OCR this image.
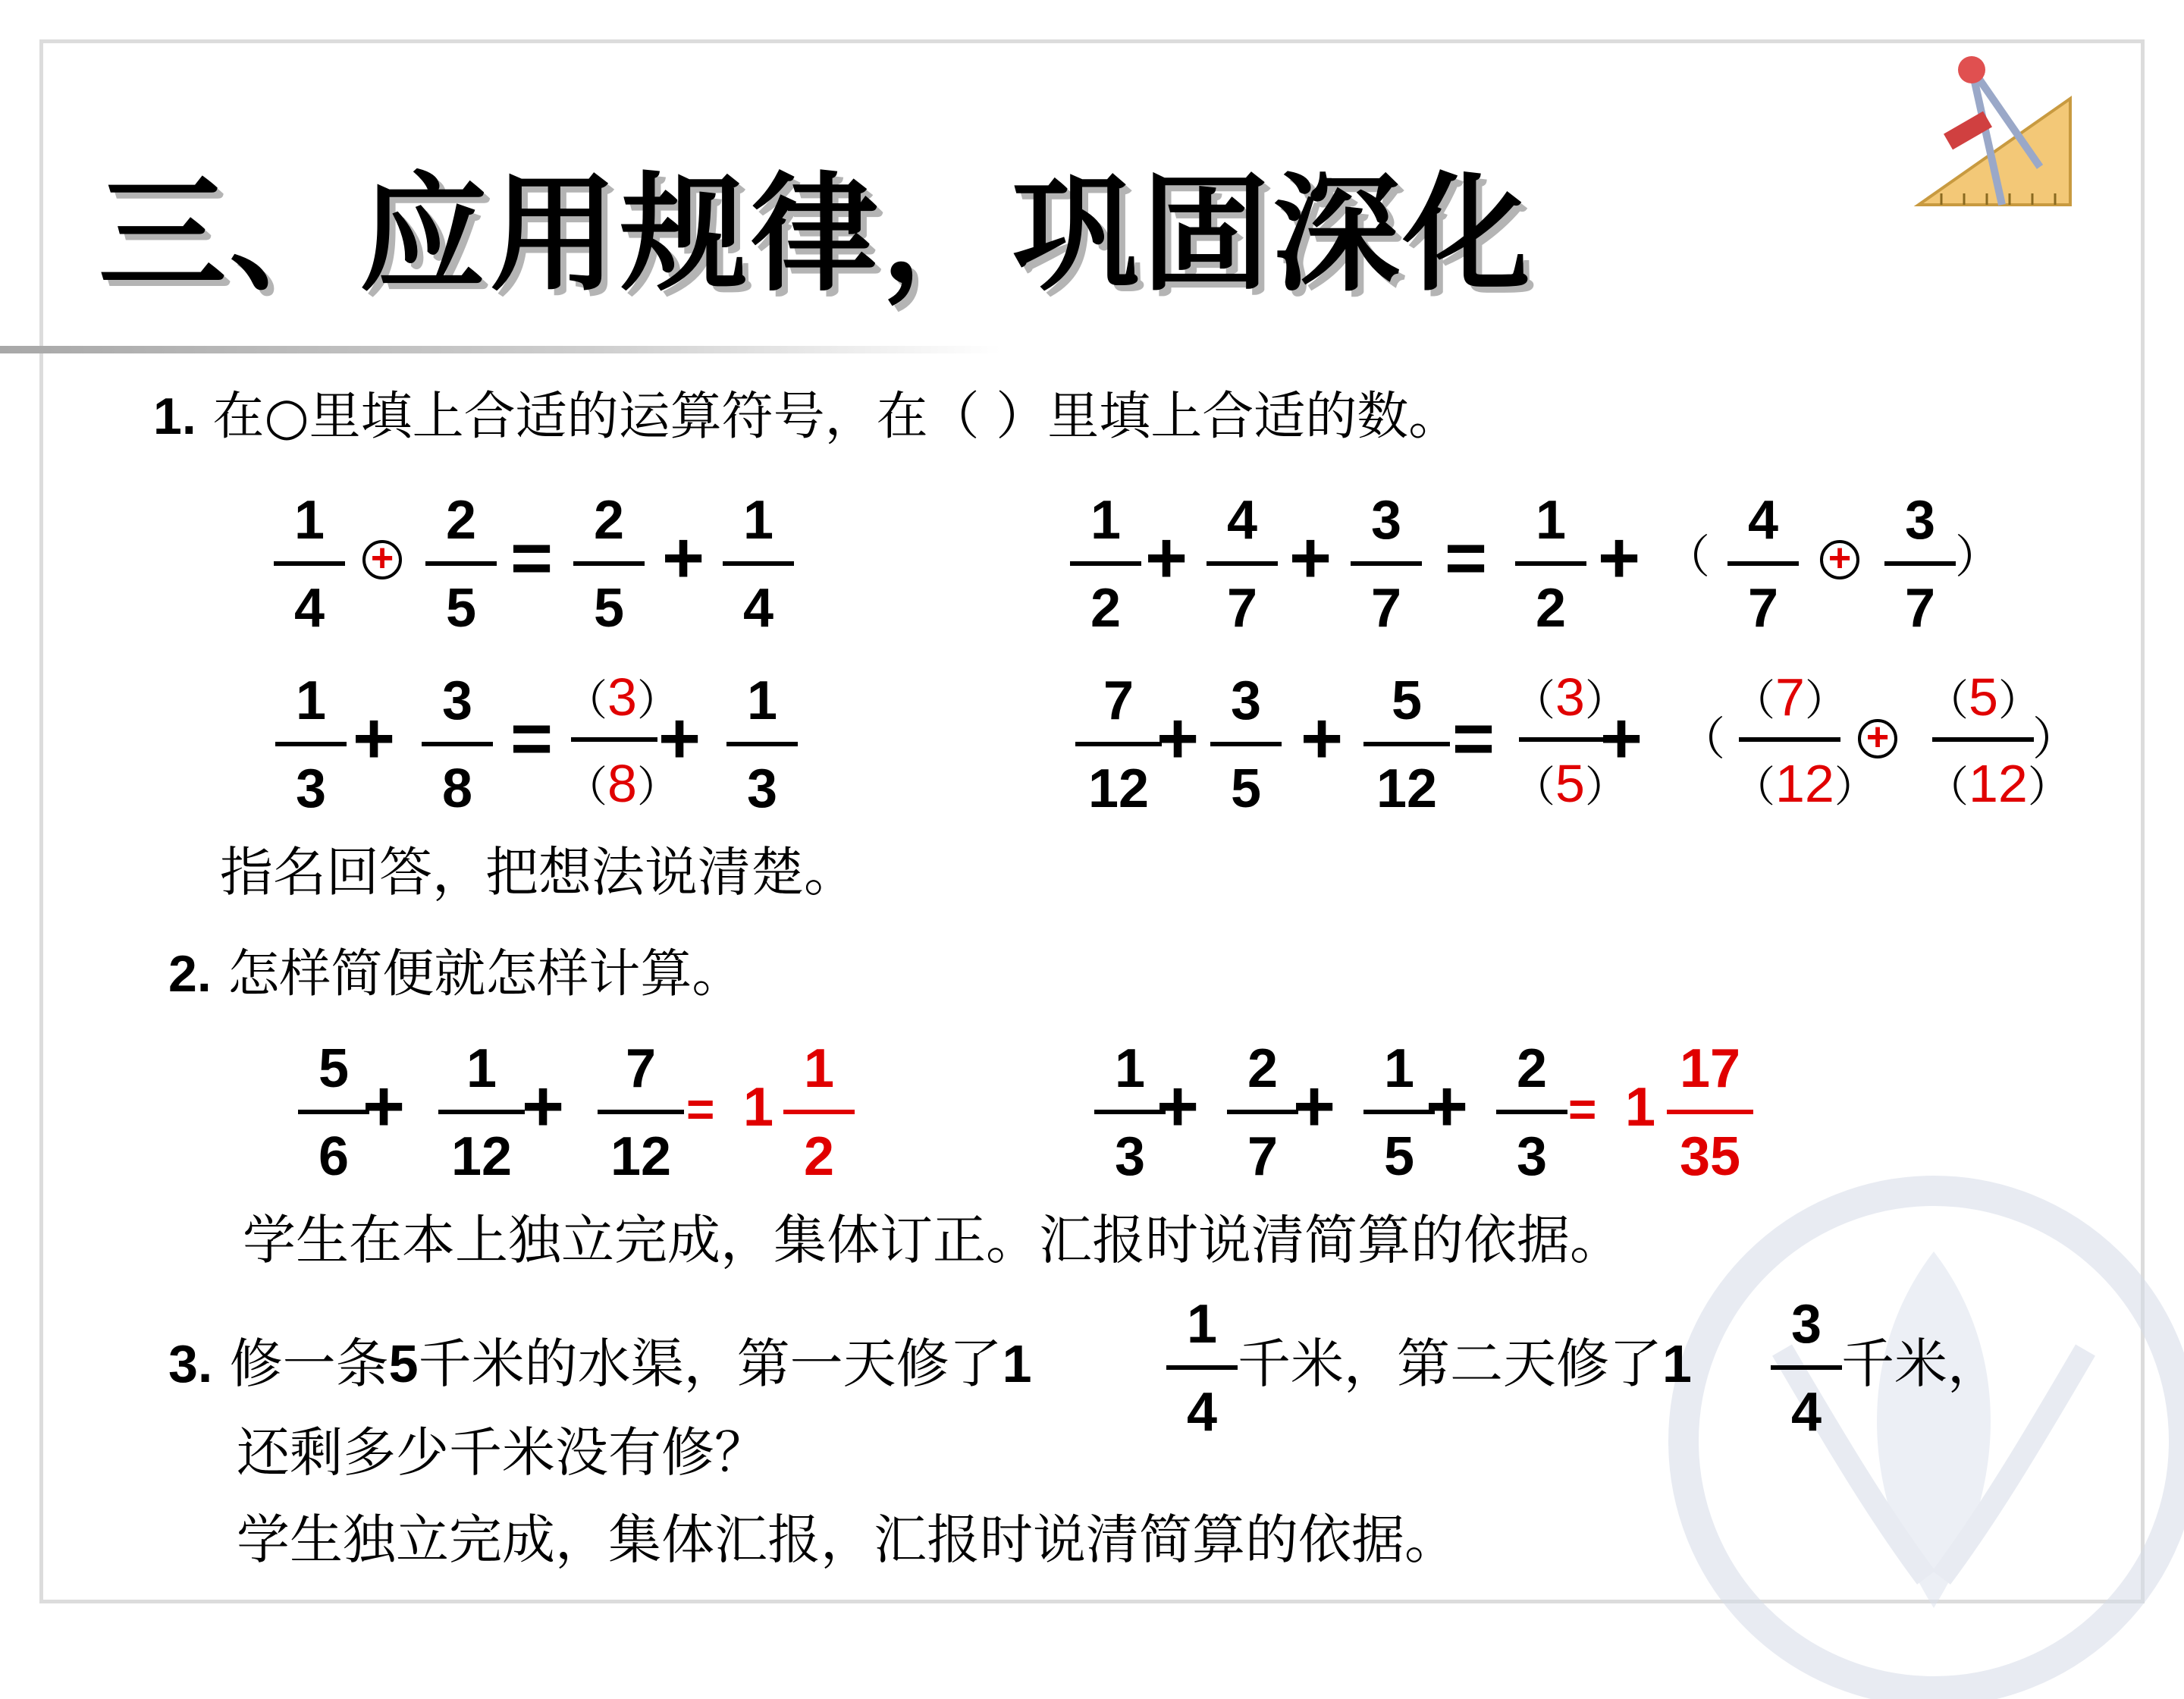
三、应用规律，巩固深化
1. 在○里填上合适的运算符号，在（ ）里填上合适的数。
1
4
+
2
5
= 2
5
+ 1
4
1
2
+ 4
7
+ 3
7
= 1
2
+ （
4
7
+
3
7
）
1
3
+ 3
8
=
（ 3 ）
（ 8 ）
+ 1
3
7
12
+ 3
5
+ 5
12
=
（ 3 ）
（ 5 ）
+ （
（ 7 ）
（ 12 ）
+
（ 5 ）
（ 12 ）
）
指名回答，把想法说清楚。
2. 怎样简便就怎样计算。
5
6
+	1
12
+	7
12
= 1
1
2
1
3
+ 2
7
+ 1
5
+ 2
3
= 1
17
35
学生在本上独立完成，集体订正。汇报时说清简算的依据。
3. 修一条5千米的水渠，第一天修了1
1
4
千米，第二天修了1
3
4
千米，
还剩多少千米没有修？
学生独立完成，集体汇报，汇报时说清简算的依据。
